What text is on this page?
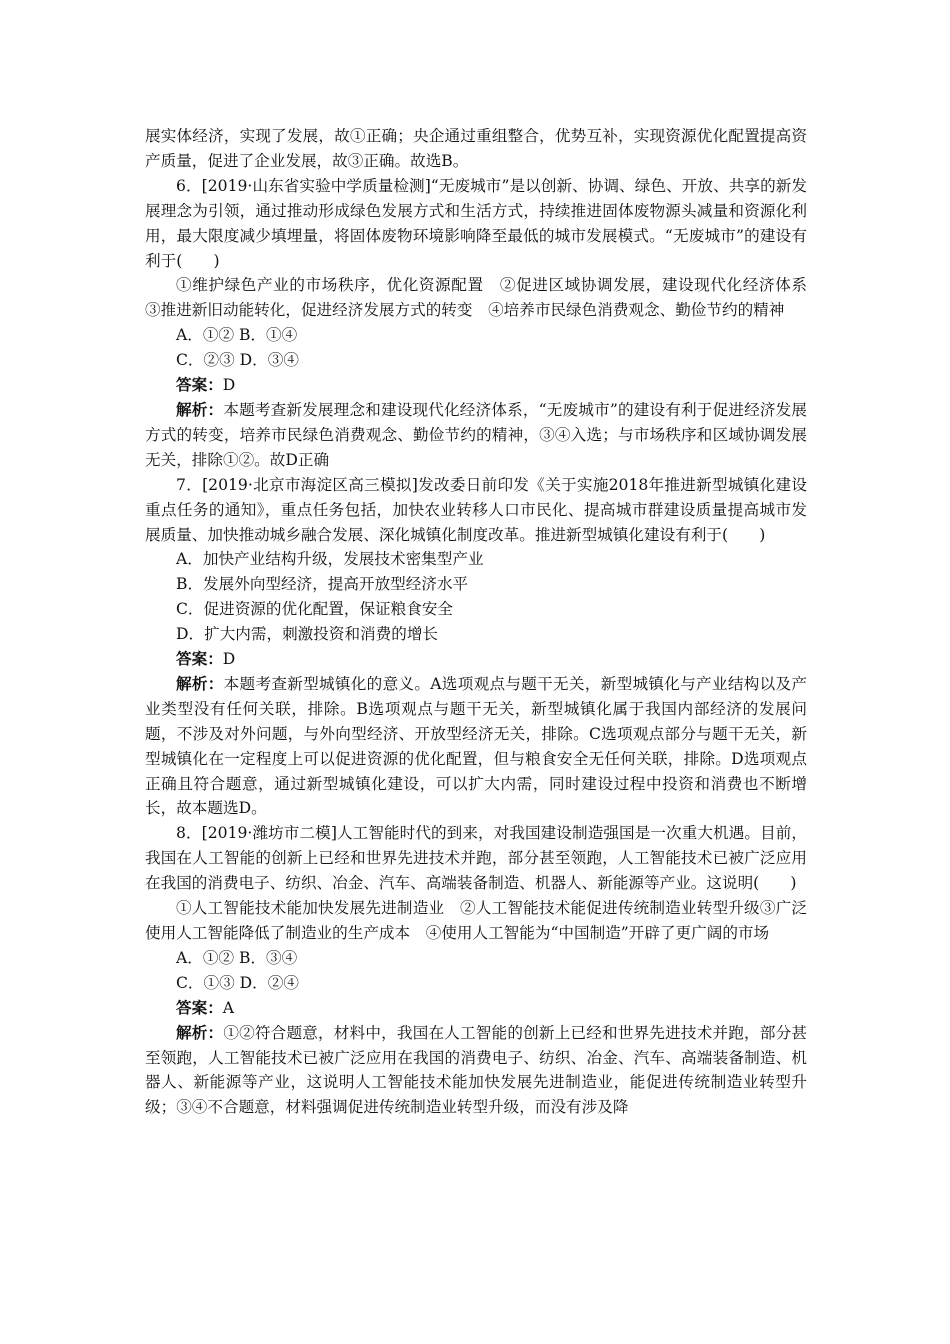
展实体经济，实现了发展，故①正确；央企通过重组整合，优势互补，实现资源优化配置提高资产质量，促进了企业发展，故③正确。故选B。

6．[2019·山东省实验中学质量检测]“无废城市”是以创新、协调、绿色、开放、共享的新发展理念为引领，通过推动形成绿色发展方式和生活方式，持续推进固体废物源头减量和资源化利用，最大限度减少填埋量，将固体废物环境影响降至最低的城市发展模式。“无废城市”的建设有利于(　　)

①维护绿色产业的市场秩序，优化资源配置　②促进区域协调发展，建设现代化经济体系　③推进新旧动能转化，促进经济发展方式的转变　④培养市民绿色消费观念、勤俭节约的精神

A．①② B．①④

C．②③ D．③④

答案：D

解析：本题考查新发展理念和建设现代化经济体系，“无废城市”的建设有利于促进经济发展方式的转变，培养市民绿色消费观念、勤俭节约的精神，③④入选；与市场秩序和区域协调发展无关，排除①②。故D正确

7．[2019·北京市海淀区高三模拟]发改委日前印发《关于实施2018年推进新型城镇化建设重点任务的通知》，重点任务包括，加快农业转移人口市民化、提高城市群建设质量提高城市发展质量、加快推动城乡融合发展、深化城镇化制度改革。推进新型城镇化建设有利于(　　)

A．加快产业结构升级，发展技术密集型产业

B．发展外向型经济，提高开放型经济水平

C．促进资源的优化配置，保证粮食安全

D．扩大内需，刺激投资和消费的增长

答案：D

解析：本题考查新型城镇化的意义。A选项观点与题干无关，新型城镇化与产业结构以及产业类型没有任何关联，排除。B选项观点与题干无关，新型城镇化属于我国内部经济的发展问题，不涉及对外问题，与外向型经济、开放型经济无关，排除。C选项观点部分与题干无关，新型城镇化在一定程度上可以促进资源的优化配置，但与粮食安全无任何关联，排除。D选项观点正确且符合题意，通过新型城镇化建设，可以扩大内需，同时建设过程中投资和消费也不断增长，故本题选D。

8．[2019·潍坊市二模]人工智能时代的到来，对我国建设制造强国是一次重大机遇。目前，我国在人工智能的创新上已经和世界先进技术并跑，部分甚至领跑，人工智能技术已被广泛应用在我国的消费电子、纺织、冶金、汽车、高端装备制造、机器人、新能源等产业。这说明(　　)

①人工智能技术能加快发展先进制造业　②人工智能技术能促进传统制造业转型升级③广泛使用人工智能降低了制造业的生产成本　④使用人工智能为“中国制造”开辟了更广阔的市场

A．①② B．③④

C．①③ D．②④

答案：A

解析：①②符合题意，材料中，我国在人工智能的创新上已经和世界先进技术并跑，部分甚至领跑，人工智能技术已被广泛应用在我国的消费电子、纺织、冶金、汽车、高端装备制造、机器人、新能源等产业，这说明人工智能技术能加快发展先进制造业，能促进传统制造业转型升级；③④不合题意，材料强调促进传统制造业转型升级，而没有涉及降
